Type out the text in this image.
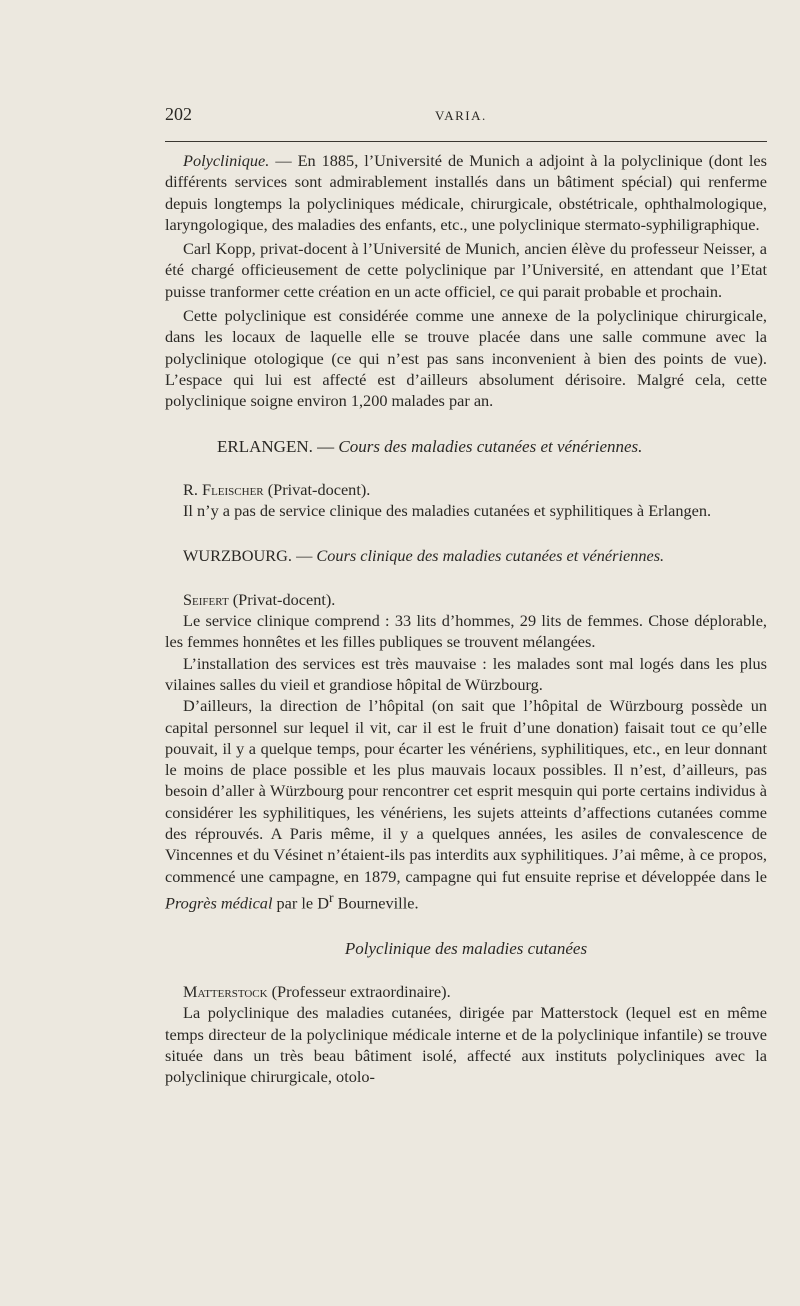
202	VARIA.

Polyclinique. — En 1885, l’Université de Munich a adjoint à la polyclinique (dont les différents services sont admirablement installés dans un bâtiment spécial) qui renferme depuis longtemps la polycliniques médicale, chirurgicale, obstétricale, ophthalmologique, laryngologique, des maladies des enfants, etc., une polyclinique stermato-syphiligraphique.

Carl Kopp, privat-docent à l’Université de Munich, ancien élève du professeur Neisser, a été chargé officieusement de cette polyclinique par l’Université, en attendant que l’Etat puisse tranformer cette création en un acte officiel, ce qui parait probable et prochain.

Cette polyclinique est considérée comme une annexe de la polyclinique chirurgicale, dans les locaux de laquelle elle se trouve placée dans une salle commune avec la polyclinique otologique (ce qui n’est pas sans inconvenient à bien des points de vue). L’espace qui lui est affecté est d’ailleurs absolument dérisoire. Malgré cela, cette polyclinique soigne environ 1,200 malades par an.

ERLANGEN. — Cours des maladies cutanées et vénériennes.

R. Fleischer (Privat-docent).

Il n’y a pas de service clinique des maladies cutanées et syphilitiques à Erlangen.

WURZBOURG. — Cours clinique des maladies cutanées et vénériennes.

Seifert (Privat-docent).

Le service clinique comprend : 33 lits d’hommes, 29 lits de femmes. Chose déplorable, les femmes honnêtes et les filles publiques se trouvent mélangées.

L’installation des services est très mauvaise : les malades sont mal logés dans les plus vilaines salles du vieil et grandiose hôpital de Würzbourg.

D’ailleurs, la direction de l’hôpital (on sait que l’hôpital de Würzbourg possède un capital personnel sur lequel il vit, car il est le fruit d’une donation) faisait tout ce qu’elle pouvait, il y a quelque temps, pour écarter les vénériens, syphilitiques, etc., en leur donnant le moins de place possible et les plus mauvais locaux possibles. Il n’est, d’ailleurs, pas besoin d’aller à Würzbourg pour rencontrer cet esprit mesquin qui porte certains individus à considérer les syphilitiques, les vénériens, les sujets atteints d’affections cutanées comme des réprouvés. A Paris même, il y a quelques années, les asiles de convalescence de Vincennes et du Vésinet n’étaient-ils pas interdits aux syphilitiques. J’ai même, à ce propos, commencé une campagne, en 1879, campagne qui fut ensuite reprise et développée dans le Progrès médical par le $D^r$ Bourneville.

Polyclinique des maladies cutanées

Matterstock (Professeur extraordinaire).

La polyclinique des maladies cutanées, dirigée par Matterstock (lequel est en même temps directeur de la polyclinique médicale interne et de la polyclinique infantile) se trouve située dans un très beau bâtiment isolé, affecté aux instituts polycliniques avec la polyclinique chirurgicale, otolo-
